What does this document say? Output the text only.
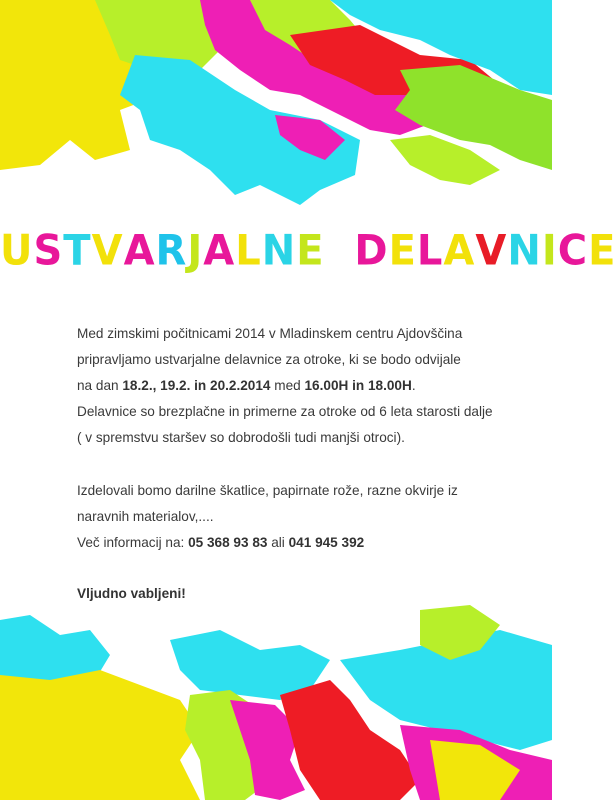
USTVARJALNE DELAVNICE
Med zimskimi počitnicami 2014 v Mladinskem centru Ajdovščina
pripravljamo ustvarjalne delavnice za otroke, ki se bodo odvijale
na dan 18.2., 19.2. in 20.2.2014 med 16.00H in 18.00H.
Delavnice so brezplačne in primerne za otroke od 6 leta starosti dalje
( v spremstvu staršev so dobrodošli tudi manjši otroci).
Izdelovali bomo darilne škatlice, papirnate rože, razne okvirje iz
naravnih materialov,....
Več informacij na: 05 368 93 83 ali 041 945 392
Vljudno vabljeni!
